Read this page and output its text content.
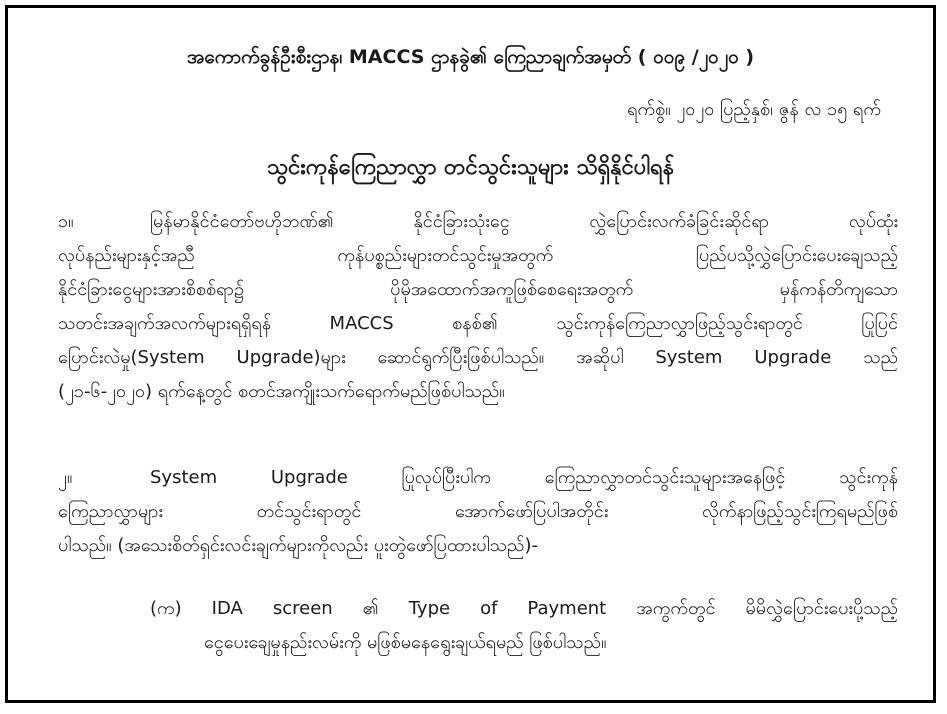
အကောက်ခွန်ဦးစီးဌာန၊ MACCS ဌာနခွဲ၏ ကြေညာချက်အမှတ် ( ၀၀၉ /၂၀၂၀ )
ရက်စွဲ။ ၂၀၂၀ ပြည့်နှစ်၊ ဇွန် လ ၁၅ ရက်
သွင်းကုန်ကြေညာလွှာ တင်သွင်းသူများ သိရှိနိုင်ပါရန်
၁။	မြန်မာနိုင်ငံတော်ဗဟိုဘဏ်၏ နိုင်ငံခြားသုံးငွေ လွှဲပြောင်းလက်ခံခြင်းဆိုင်ရာ လုပ်ထုံး
လုပ်နည်းများနှင့်အညီ ကုန်ပစ္စည်းများတင်သွင်းမှုအတွက် ပြည်ပသို့လွှဲပြောင်းပေးချေသည့်
နိုင်ငံခြားငွေများအားစိစစ်ရာ၌ ပိုမိုအထောက်အကူဖြစ်စေရေးအတွက် မှန်ကန်တိကျသော
သတင်းအချက်အလက်များရရှိရန် MACCS စနစ်၏ သွင်းကုန်ကြေညာလွှာဖြည့်သွင်းရာတွင် ပြုပြင်
ပြောင်းလဲမှု(System Upgrade)များ ဆောင်ရွက်ပြီးဖြစ်ပါသည်။ အဆိုပါ System Upgrade သည်
(၂၁-၆-၂၀၂၀) ရက်နေ့တွင် စတင်အကျိုးသက်ရောက်မည်ဖြစ်ပါသည်။
၂။	System Upgrade ပြုလုပ်ပြီးပါက ကြေညာလွှာတင်သွင်းသူများအနေဖြင့် သွင်းကုန်
ကြေညာလွှာများ တင်သွင်းရာတွင် အောက်ဖော်ပြပါအတိုင်း လိုက်နာဖြည့်သွင်းကြရမည်ဖြစ်
ပါသည်။ (အသေးစိတ်ရှင်းလင်းချက်များကိုလည်း ပူးတွဲဖော်ပြထားပါသည်)-
(က) IDA screen ၏ Type of Payment အကွက်တွင် မိမိလွှဲပြောင်းပေးပို့သည့်
ငွေပေးချေမှုနည်းလမ်းကို မဖြစ်မနေရွေးချယ်ရမည် ဖြစ်ပါသည်။
